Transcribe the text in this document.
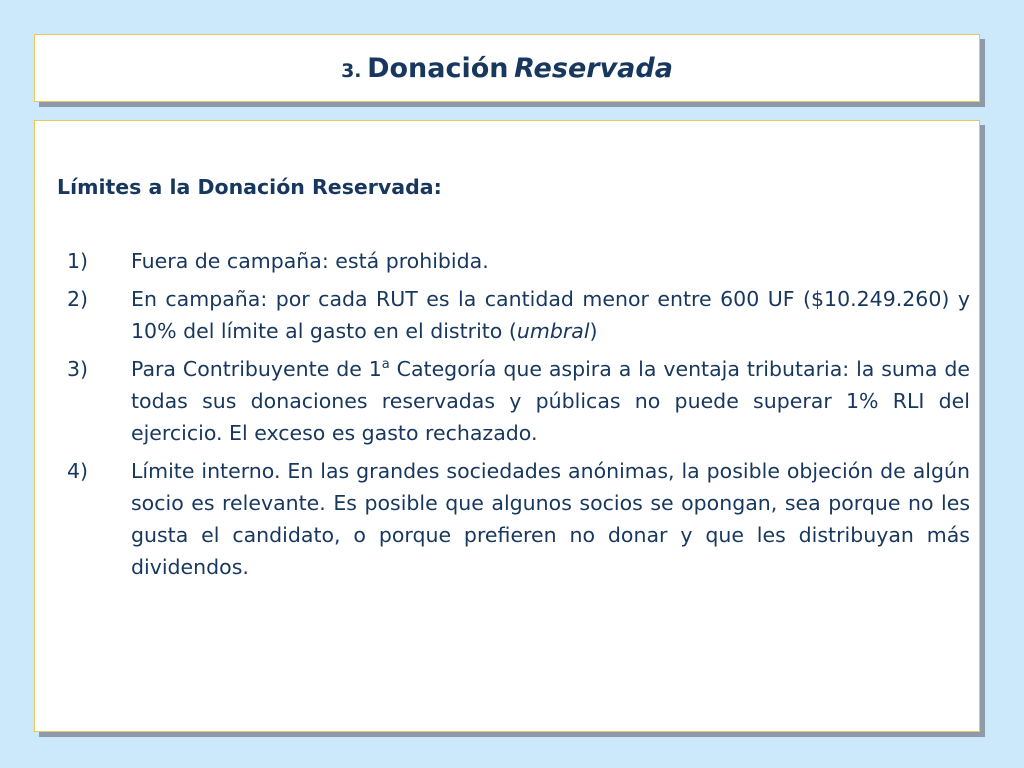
3. Donación Reservada

Límites a la Donación Reservada:

1)	Fuera de campaña: está prohibida.
2)	En campaña: por cada RUT es la cantidad menor entre 600 UF ($10.249.260) y 10% del límite al gasto en el distrito (umbral)
3)	Para Contribuyente de 1$^a$ Categoría que aspira a la ventaja tributaria: la suma de todas sus donaciones reservadas y públicas no puede superar 1% RLI del ejercicio. El exceso es gasto rechazado.
4)	Límite interno. En las grandes sociedades anónimas, la posible objeción de algún socio es relevante. Es posible que algunos socios se opongan, sea porque no les gusta el candidato, o porque prefieren no donar y que les distribuyan más dividendos.
